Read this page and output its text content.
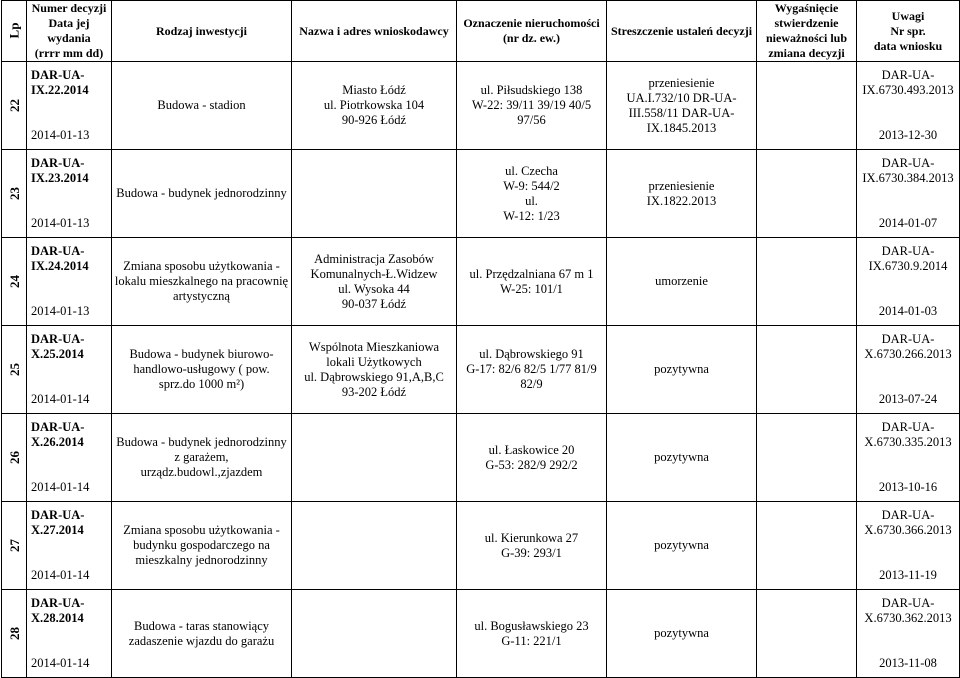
Lp	Numer decyzji
Data jej wydania
(rrrr mm dd)	Rodzaj inwestycji	Nazwa i adres wnioskodawcy	Oznaczenie nieruchomości
(nr dz. ew.)	Streszczenie ustaleń decyzji	Wygaśnięcie
stwierdzenie
nieważności lub
zmiana decyzji	Uwagi
Nr spr.
data wniosku

22	DAR-UA-
IX.22.2014
2014-01-13	Budowa - stadion	Miasto Łódź
ul. Piotrkowska 104
90-926 Łódź	ul. Piłsudskiego 138
W-22: 39/11 39/19 40/5 97/56	przeniesienie
UA.I.732/10 DR-UA-
III.558/11 DAR-UA-
IX.1845.2013		DAR-UA-
IX.6730.493.2013
2013-12-30

23	DAR-UA-
IX.23.2014
2014-01-13	Budowa - budynek jednorodzinny		ul. Czecha
W-9: 544/2
ul.
W-12: 1/23	przeniesienie
IX.1822.2013		DAR-UA-
IX.6730.384.2013
2014-01-07

24	DAR-UA-
IX.24.2014
2014-01-13	Zmiana sposobu użytkowania - lokalu mieszkalnego na pracownię artystyczną	Administracja Zasobów
Komunalnych-Ł.Widzew
ul. Wysoka 44
90-037 Łódź	ul. Przędzalniana 67 m 1
W-25: 101/1	umorzenie		DAR-UA-
IX.6730.9.2014
2014-01-03

25	DAR-UA-
X.25.2014
2014-01-14	Budowa - budynek biurowo-handlowo-usługowy ( pow. sprz.do 1000 m²)	Wspólnota Mieszkaniowa
lokali Użytkowych
ul. Dąbrowskiego 91,A,B,C
93-202 Łódź	ul. Dąbrowskiego 91
G-17: 82/6 82/5 1/77 81/9 82/9	pozytywna		DAR-UA-
X.6730.266.2013
2013-07-24

26	DAR-UA-
X.26.2014
2014-01-14	Budowa - budynek jednorodzinny z garażem, urządz.budowl.,zjazdem		ul. Łaskowice 20
G-53: 282/9 292/2	pozytywna		DAR-UA-
X.6730.335.2013
2013-10-16

27	DAR-UA-
X.27.2014
2014-01-14	Zmiana sposobu użytkowania - budynku gospodarczego na mieszkalny jednorodzinny		ul. Kierunkowa 27
G-39: 293/1	pozytywna		DAR-UA-
X.6730.366.2013
2013-11-19

28	DAR-UA-
X.28.2014
2014-01-14	Budowa - taras stanowiący zadaszenie wjazdu do garażu		ul. Bogusławskiego 23
G-11: 221/1	pozytywna		DAR-UA-
X.6730.362.2013
2013-11-08
